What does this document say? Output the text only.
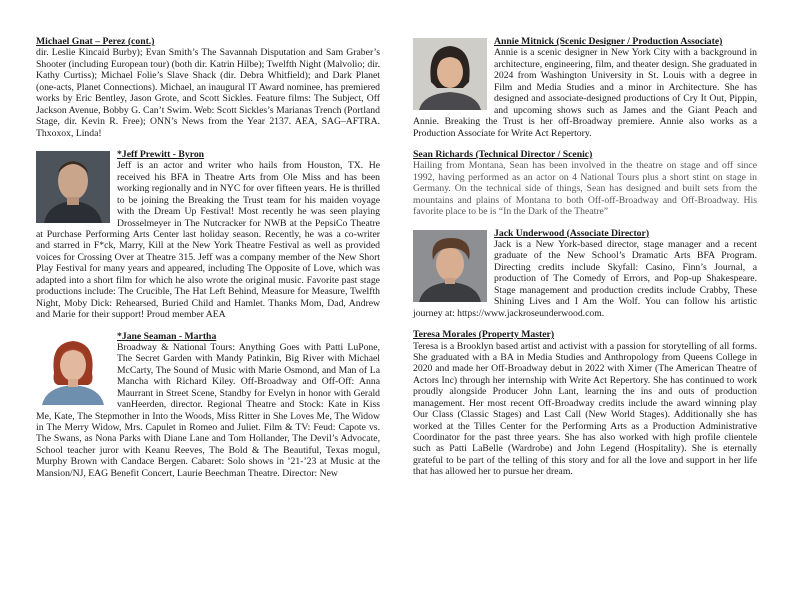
Michael Gnat – Perez (cont.)
dir. Leslie Kincaid Burby); Evan Smith’s The Savannah Disputation and Sam Graber’s Shooter (including European tour) (both dir. Katrin Hilbe); Twelfth Night (Malvolio; dir. Kathy Curtiss); Michael Folie’s Slave Shack (dir. Debra Whitfield); and Dark Planet (one-acts, Planet Connections). Michael, an inaugural IT Award nominee, has premiered works by Eric Bentley, Jason Grote, and Scott Sickles. Feature films: The Subject, Off Jackson Avenue, Bobby G. Can’t Swim. Web: Scott Sickles’s Marianas Trench (Portland Stage, dir. Kevin R. Free); ONN’s News from the Year 2137. AEA, SAG–AFTRA. Thxoxox, Linda!
*Jeff Prewitt - Byron
Jeff is an actor and writer who hails from Houston, TX. He received his BFA in Theatre Arts from Ole Miss and has been working regionally and in NYC for over fifteen years. He is thrilled to be joining the Breaking the Trust team for his maiden voyage with the Dream Up Festival! Most recently he was seen playing Drosselmeyer in The Nutcracker for NWB at the PepsiCo Theatre at Purchase Performing Arts Center last holiday season. Recently, he was a co-writer and starred in F*ck, Marry, Kill at the New York Theatre Festival as well as provided voices for Crossing Over at Theatre 315. Jeff was a company member of the New Short Play Festival for many years and appeared, including The Opposite of Love, which was adapted into a short film for which he also wrote the original music. Favorite past stage productions include: The Crucible, The Hat Left Behind, Measure for Measure, Twelfth Night, Moby Dick: Rehearsed, Buried Child and Hamlet. Thanks Mom, Dad, Andrew and Marie for their support! Proud member AEA
*Jane Seaman - Martha
Broadway & National Tours: Anything Goes with Patti LuPone, The Secret Garden with Mandy Patinkin, Big River with Michael McCarty, The Sound of Music with Marie Osmond, and Man of La Mancha with Richard Kiley. Off-Broadway and Off-Off: Anna Maurrant in Street Scene, Standby for Evelyn in honor with Gerald vanHeerden, director. Regional Theatre and Stock: Kate in Kiss Me, Kate, The Stepmother in Into the Woods, Miss Ritter in She Loves Me, The Widow in The Merry Widow, Mrs. Capulet in Romeo and Juliet. Film & TV: Feud: Capote vs. The Swans, as Nona Parks with Diane Lane and Tom Hollander, The Devil’s Advocate, School teacher juror with Keanu Reeves, The Bold & The Beautiful, Texas mogul, Murphy Brown with Candace Bergen. Cabaret: Solo shows in ’21-’23 at Music at the Mansion/NJ, EAG Benefit Concert, Laurie Beechman Theatre. Director: New
Annie Mitnick (Scenic Designer / Production Associate)
Annie is a scenic designer in New York City with a background in architecture, engineering, film, and theater design. She graduated in 2024 from Washington University in St. Louis with a degree in Film and Media Studies and a minor in Architecture. She has designed and associate-designed productions of Cry It Out, Pippin, and upcoming shows such as James and the Giant Peach and Annie. Breaking the Trust is her off-Broadway premiere. Annie also works as a Production Associate for Write Act Repertory.
Sean Richards (Technical Director / Scenic)
Hailing from Montana, Sean has been involved in the theatre on stage and off since 1992, having performed as an actor on 4 National Tours plus a short stint on stage in Germany. On the technical side of things, Sean has designed and built sets from the mountains and plains of Montana to both Off-off-Broadway and Off-Broadway. His favorite place to be is “In the Dark of the Theatre”
Jack Underwood (Associate Director)
Jack is a New York-based director, stage manager and a recent graduate of the New School’s Dramatic Arts BFA Program. Directing credits include Skyfall: Casino, Finn’s Journal, a production of The Comedy of Errors, and Pop-up Shakespeare. Stage management and production credits include Crabby, These Shining Lives and I Am the Wolf. You can follow his artistic journey at: https://www.jackroseunderwood.com.
Teresa Morales (Property Master)
Teresa is a Brooklyn based artist and activist with a passion for storytelling of all forms. She graduated with a BA in Media Studies and Anthropology from Queens College in 2020 and made her Off-Broadway debut in 2022 with Ximer (The American Theatre of Actors Inc) through her internship with Write Act Repertory. She has continued to work proudly alongside Producer John Lant, learning the ins and outs of production management. Her most recent Off-Broadway credits include the award winning play Our Class (Classic Stages) and Last Call (New World Stages). Additionally she has worked at the Tilles Center for the Performing Arts as a Production Administrative Coordinator for the past three years. She has also worked with high profile clientele such as Patti LaBelle (Wardrobe) and John Legend (Hospitality). She is eternally grateful to be part of the telling of this story and for all the love and support in her life that has allowed her to pursue her dream.
